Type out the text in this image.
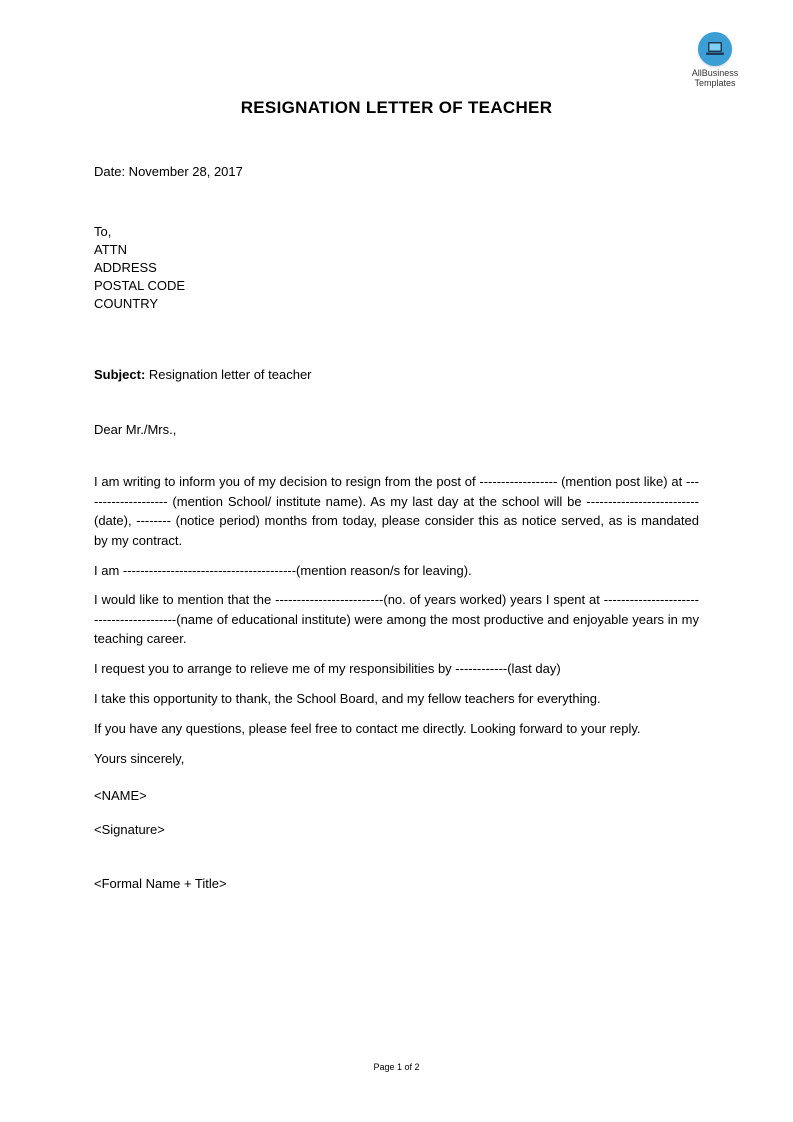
AllBusiness
Templates
RESIGNATION LETTER OF TEACHER
Date: November 28, 2017
To,
ATTN
ADDRESS
POSTAL CODE
COUNTRY
Subject: Resignation letter of teacher
Dear Mr./Mrs.,
I am writing to inform you of my decision to resign from the post of ------------------ (mention post like) at -------------------- (mention School/ institute name). As my last day at the school will be --------------------------(date), -------- (notice period) months from today, please consider this as notice served, as is mandated by my contract.
I am ----------------------------------------(mention reason/s for leaving).
I would like to mention that the -------------------------(no. of years worked) years I spent at -----------------------------------------(name of educational institute) were among the most productive and enjoyable years in my teaching career.
I request you to arrange to relieve me of my responsibilities by ------------(last day)
I take this opportunity to thank, the School Board, and my fellow teachers for everything.
If you have any questions, please feel free to contact me directly. Looking forward to your reply.
Yours sincerely,
<NAME>
<Signature>
<Formal Name + Title>
Page 1 of 2
